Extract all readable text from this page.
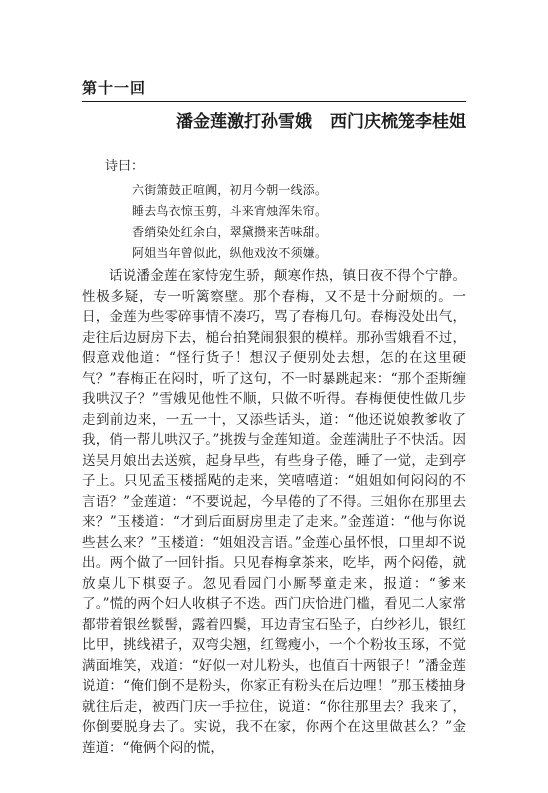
第十一回
潘金莲激打孙雪娥 西门庆梳笼李桂姐
诗曰：
六街箫鼓正喧阗，初月今朝一线添。
睡去鸟衣惊玉剪，斗来宵烛浑朱帘。
香绡染处红余白，翠黛攒来苦味甜。
阿姐当年曾似此，纵他戏汝不须嫌。

话说潘金莲在家恃宠生骄，颠寒作热，镇日夜不得个宁静。性极多疑，专一听篱察壁。那个春梅，又不是十分耐烦的。一日，金莲为些零碎事情不凑巧，骂了春梅几句。春梅没处出气，走往后边厨房下去，槌台拍凳闹狠狠的模样。那孙雪娥看不过，假意戏他道：“怪行货子！想汉子便别处去想，怎的在这里硬气？”春梅正在闷时，听了这句，不一时暴跳起来：“那个歪斯缠我哄汉子？”雪娥见他性不顺，只做不听得。春梅便使性做几步走到前边来，一五一十，又添些话头，道：“他还说娘教爹收了我，俏一帮儿哄汉子。”挑拨与金莲知道。金莲满肚子不快活。因送吴月娘出去送殡，起身早些，有些身子倦，睡了一觉，走到亭子上。只见孟玉楼摇飐的走来，笑嘻嘻道：“姐姐如何闷闷的不言语？”金莲道：“不要说起，今早倦的了不得。三姐你在那里去来？”玉楼道：“才到后面厨房里走了走来。”金莲道：“他与你说些甚么来？”玉楼道：“姐姐没言语。”金莲心虽怀恨，口里却不说出。两个做了一回针指。只见春梅拿茶来，吃毕，两个闷倦，就放桌儿下棋耍子。忽见看园门小厮琴童走来，报道：“爹来了。”慌的两个妇人收棋子不迭。西门庆恰进门槛，看见二人家常都带着银丝䯼髻，露着四鬓，耳边青宝石坠子，白纱衫儿，银红比甲，挑线裙子，双弯尖翘，红鸳瘦小，一个个粉妆玉琢，不觉满面堆笑，戏道：“好似一对儿粉头，也值百十两银子！”潘金莲说道：“俺们倒不是粉头，你家正有粉头在后边哩！”那玉楼抽身就往后走，被西门庆一手拉住，说道：“你往那里去？我来了，你倒要脱身去了。实说，我不在家，你两个在这里做甚么？”金莲道：“俺俩个闷的慌，
